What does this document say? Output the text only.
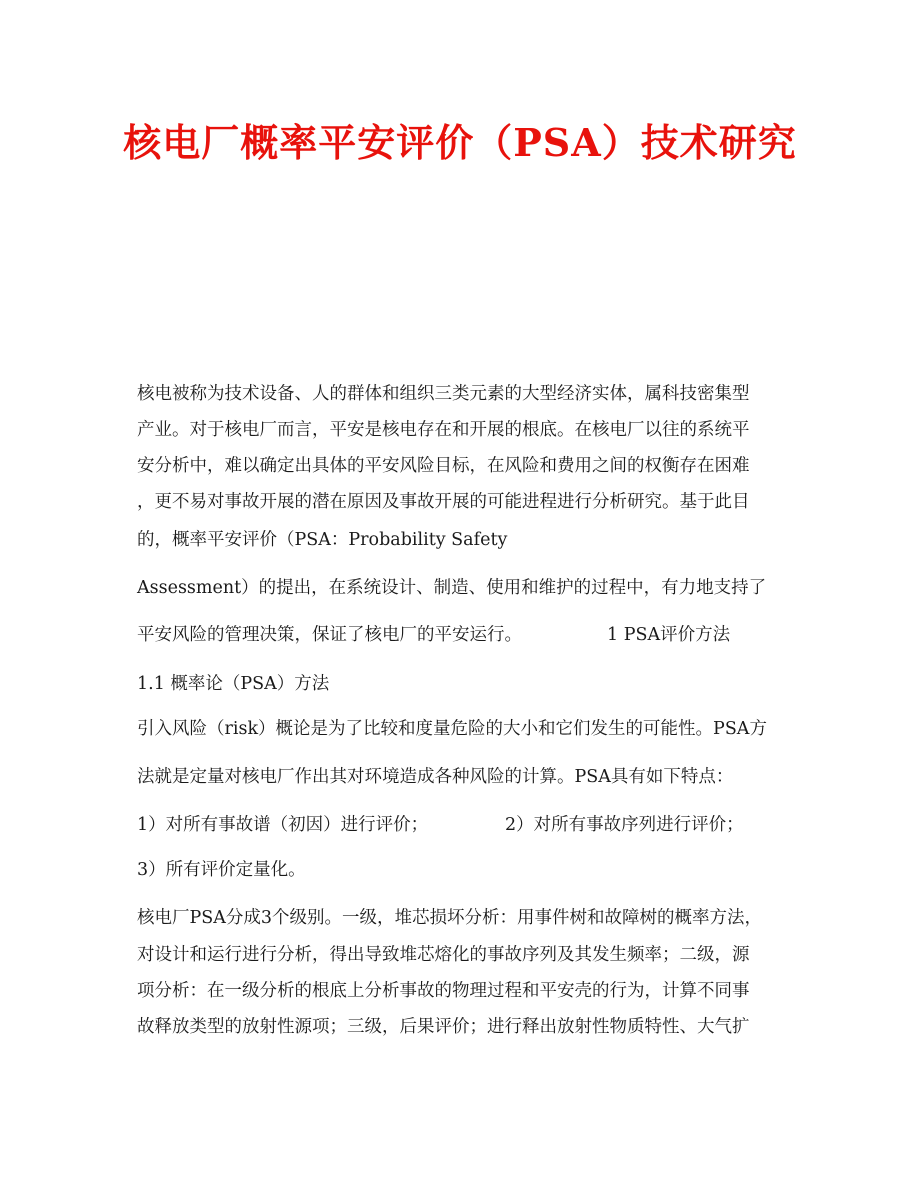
核电厂概率平安评价（PSA）技术研究
核电被称为技术设备、人的群体和组织三类元素的大型经济实体，属科技密集型
产业。对于核电厂而言，平安是核电存在和开展的根底。在核电厂以往的系统平
安分析中，难以确定出具体的平安风险目标，在风险和费用之间的权衡存在困难
，更不易对事故开展的潜在原因及事故开展的可能进程进行分析研究。基于此目
的，概率平安评价（PSA：Probability Safety
Assessment）的提出，在系统设计、制造、使用和维护的过程中，有力地支持了
平安风险的管理决策，保证了核电厂的平安运行。	1 PSA评价方法
1.1 概率论（PSA）方法
引入风险（risk）概论是为了比较和度量危险的大小和它们发生的可能性。PSA方
法就是定量对核电厂作出其对环境造成各种风险的计算。PSA具有如下特点：
1）对所有事故谱（初因）进行评价；	2）对所有事故序列进行评价；
3）所有评价定量化。
核电厂PSA分成3个级别。一级，堆芯损坏分析：用事件树和故障树的概率方法，
对设计和运行进行分析，得出导致堆芯熔化的事故序列及其发生频率；二级，源
项分析：在一级分析的根底上分析事故的物理过程和平安壳的行为，计算不同事
故释放类型的放射性源项；三级，后果评价；进行释出放射性物质特性、大气扩
